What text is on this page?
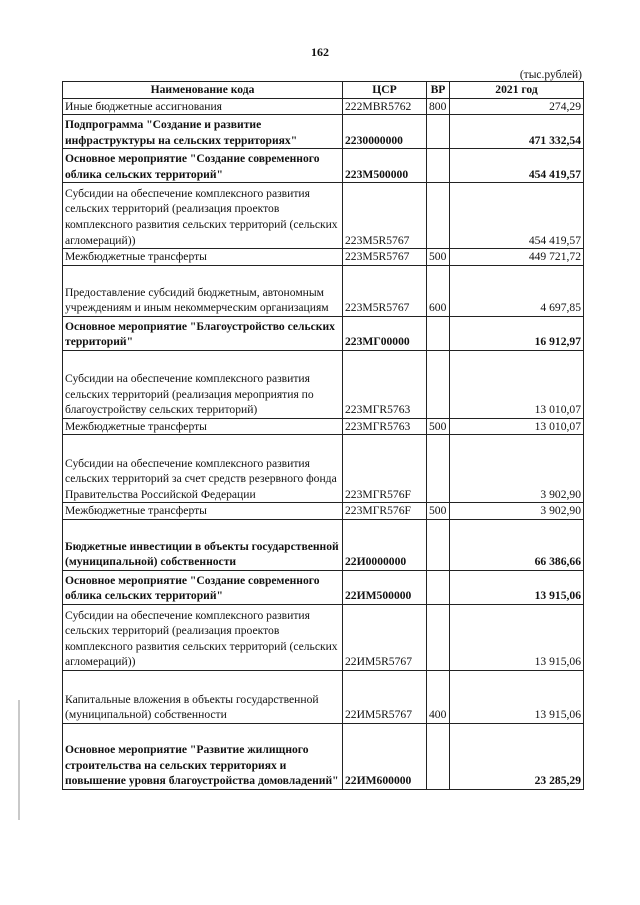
162
(тыс.рублей)
Наименование кода	ЦСР	ВР	2021 год
Иные бюджетные ассигнования	222MBR5762	800	274,29
Подпрограмма "Создание и развитие инфраструктуры на сельских территориях"	2230000000		471 332,54
Основное мероприятие "Создание современного облика сельских территорий"	223M500000		454 419,57
Субсидии на обеспечение комплексного развития сельских территорий (реализация проектов комплексного развития сельских территорий (сельских агломераций))	223M5R5767		454 419,57
Межбюджетные трансферты	223M5R5767	500	449 721,72
Предоставление субсидий бюджетным, автономным учреждениям и иным некоммерческим организациям	223M5R5767	600	4 697,85
Основное мероприятие "Благоустройство сельских территорий"	223MГ00000		16 912,97
Субсидии на обеспечение комплексного развития сельских территорий (реализация мероприятия по благоустройству сельских территорий)	223MГR5763		13 010,07
Межбюджетные трансферты	223MГR5763	500	13 010,07
Субсидии на обеспечение комплексного развития сельских территорий за счет средств резервного фонда Правительства Российской Федерации	223MГR576F		3 902,90
Межбюджетные трансферты	223MГR576F	500	3 902,90
Бюджетные инвестиции в объекты государственной (муниципальной) собственности	22И0000000		66 386,66
Основное мероприятие "Создание современного облика сельских территорий"	22ИМ500000		13 915,06
Субсидии на обеспечение комплексного развития сельских территорий (реализация проектов комплексного развития сельских территорий (сельских агломераций))	22ИМ5R5767		13 915,06
Капитальные вложения в объекты государственной (муниципальной) собственности	22ИМ5R5767	400	13 915,06
Основное мероприятие "Развитие жилищного строительства на сельских территориях и повышение уровня благоустройства домовладений"	22ИМ600000		23 285,29
